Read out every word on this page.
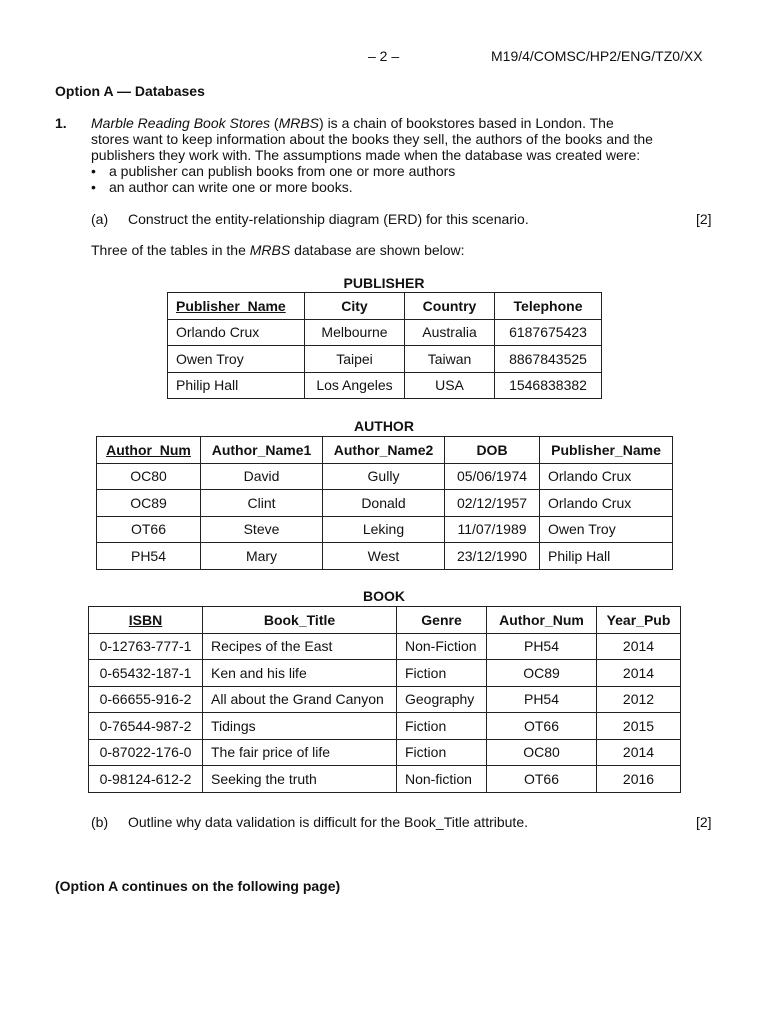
– 2 –	M19/4/COMSC/HP2/ENG/TZ0/XX
Option A — Databases
1. Marble Reading Book Stores (MRBS) is a chain of bookstores based in London. The
stores want to keep information about the books they sell, the authors of the books and the
publishers they work with. The assumptions made when the database was created were:
• a publisher can publish books from one or more authors
• an author can write one or more books.
(a) Construct the entity-relationship diagram (ERD) for this scenario.	[2]
Three of the tables in the MRBS database are shown below:
PUBLISHER
Publisher_Name	City	Country	Telephone
Orlando Crux	Melbourne	Australia	6187675423
Owen Troy	Taipei	Taiwan	8867843525
Philip Hall	Los Angeles	USA	1546838382
AUTHOR
Author_Num	Author_Name1	Author_Name2	DOB	Publisher_Name
OC80	David	Gully	05/06/1974	Orlando Crux
OC89	Clint	Donald	02/12/1957	Orlando Crux
OT66	Steve	Leking	11/07/1989	Owen Troy
PH54	Mary	West	23/12/1990	Philip Hall
BOOK
ISBN	Book_Title	Genre	Author_Num	Year_Pub
0-12763-777-1	Recipes of the East	Non-Fiction	PH54	2014
0-65432-187-1	Ken and his life	Fiction	OC89	2014
0-66655-916-2	All about the Grand Canyon	Geography	PH54	2012
0-76544-987-2	Tidings	Fiction	OT66	2015
0-87022-176-0	The fair price of life	Fiction	OC80	2014
0-98124-612-2	Seeking the truth	Non-fiction	OT66	2016
(b) Outline why data validation is difficult for the Book_Title attribute.	[2]
(Option A continues on the following page)
